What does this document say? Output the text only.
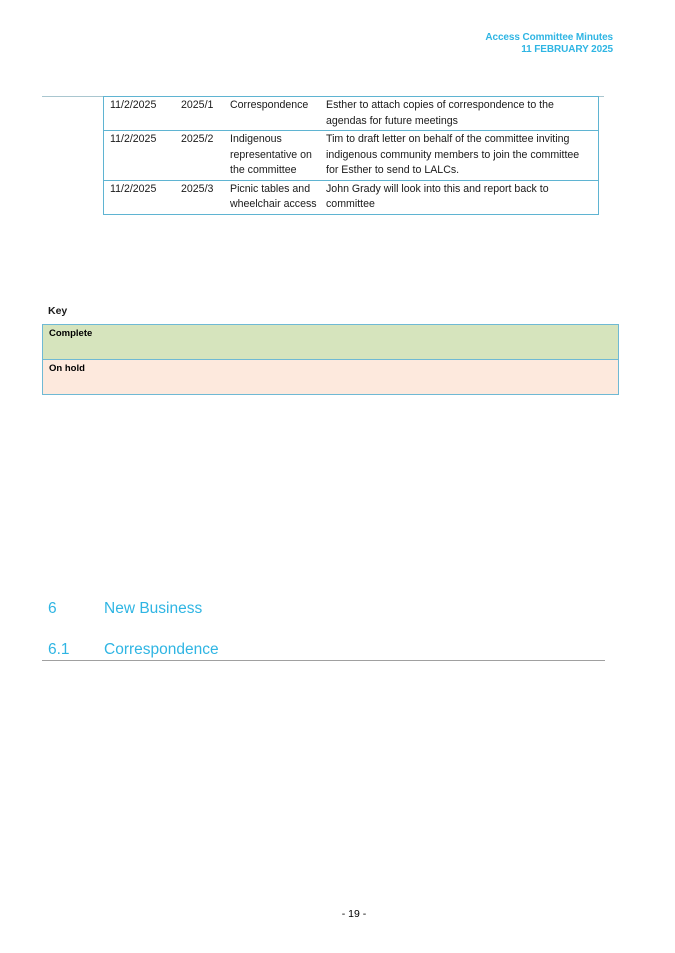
Access Committee Minutes
11 FEBRUARY 2025
11/2/2025	2025/1	Correspondence	Esther to attach copies of correspondence to the agendas for future meetings
11/2/2025	2025/2	Indigenous representative on the committee	Tim to draft letter on behalf of the committee inviting indigenous community members to join the committee for Esther to send to LALCs.
11/2/2025	2025/3	Picnic tables and wheelchair access	John Grady will look into this and report back to committee
Key
Complete
On hold
6	New Business
6.1 Correspondence
- 19 -
